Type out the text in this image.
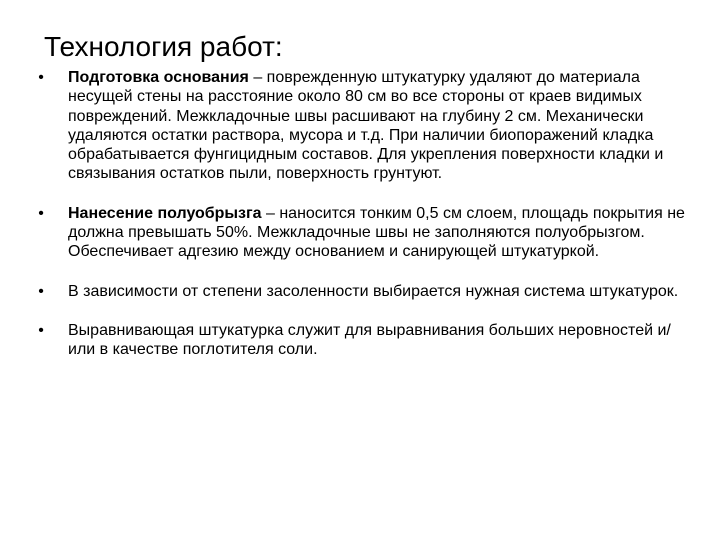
Технология работ:
• Подготовка основания – поврежденную штукатурку удаляют до материала несущей стены на расстояние около 80 см во все стороны от краев видимых повреждений. Межкладочные швы расшивают на глубину 2 см. Механически удаляются остатки раствора, мусора и т.д. При наличии биопоражений кладка обрабатывается фунгицидным составов. Для укрепления поверхности кладки и связывания остатков пыли, поверхность грунтуют.
• Нанесение полуобрызга – наносится тонким 0,5 см слоем, площадь покрытия не должна превышать 50%. Межкладочные швы не заполняются полуобрызгом. Обеспечивает адгезию между основанием и санирующей штукатуркой.
• В зависимости от степени засоленности выбирается нужная система штукатурок.
• Выравнивающая штукатурка служит для выравнивания больших неровностей и/или в качестве поглотителя соли.
